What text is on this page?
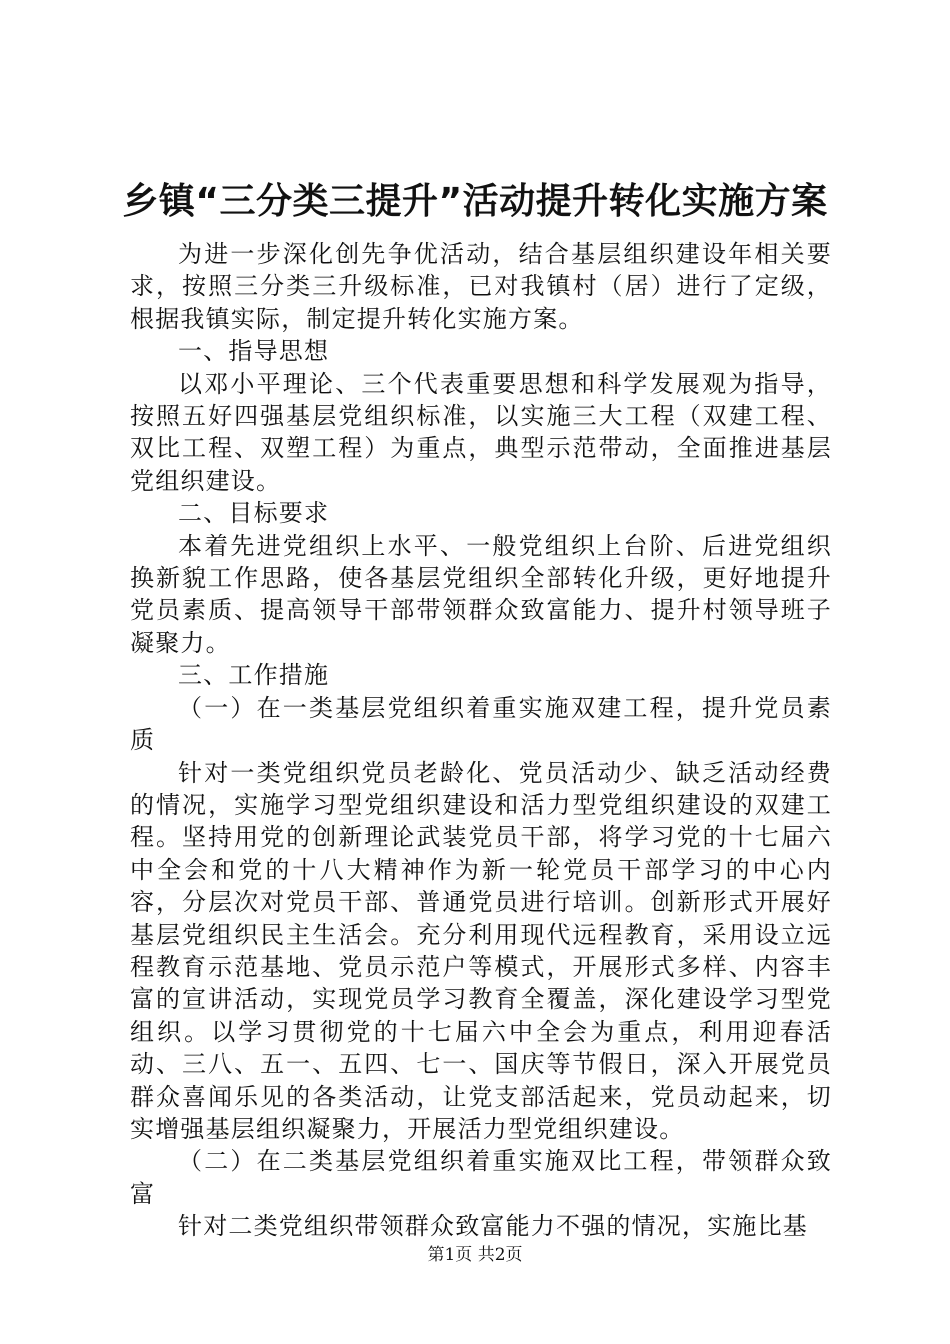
乡镇“三分类三提升”活动提升转化实施方案

为进一步深化创先争优活动，结合基层组织建设年相关要求，按照三分类三升级标准，已对我镇村（居）进行了定级，根据我镇实际，制定提升转化实施方案。

一、指导思想

以邓小平理论、三个代表重要思想和科学发展观为指导，按照五好四强基层党组织标准，以实施三大工程（双建工程、双比工程、双塑工程）为重点，典型示范带动，全面推进基层党组织建设。

二、目标要求

本着先进党组织上水平、一般党组织上台阶、后进党组织换新貌工作思路，使各基层党组织全部转化升级，更好地提升党员素质、提高领导干部带领群众致富能力、提升村领导班子凝聚力。

三、工作措施

（一）在一类基层党组织着重实施双建工程，提升党员素质

针对一类党组织党员老龄化、党员活动少、缺乏活动经费的情况，实施学习型党组织建设和活力型党组织建设的双建工程。坚持用党的创新理论武装党员干部，将学习党的十七届六中全会和党的十八大精神作为新一轮党员干部学习的中心内容，分层次对党员干部、普通党员进行培训。创新形式开展好基层党组织民主生活会。充分利用现代远程教育，采用设立远程教育示范基地、党员示范户等模式，开展形式多样、内容丰富的宣讲活动，实现党员学习教育全覆盖，深化建设学习型党组织。以学习贯彻党的十七届六中全会为重点，利用迎春活动、三八、五一、五四、七一、国庆等节假日，深入开展党员群众喜闻乐见的各类活动，让党支部活起来，党员动起来，切实增强基层组织凝聚力，开展活力型党组织建设。

（二）在二类基层党组织着重实施双比工程，带领群众致富

针对二类党组织带领群众致富能力不强的情况，实施比基

第1页 共2页
